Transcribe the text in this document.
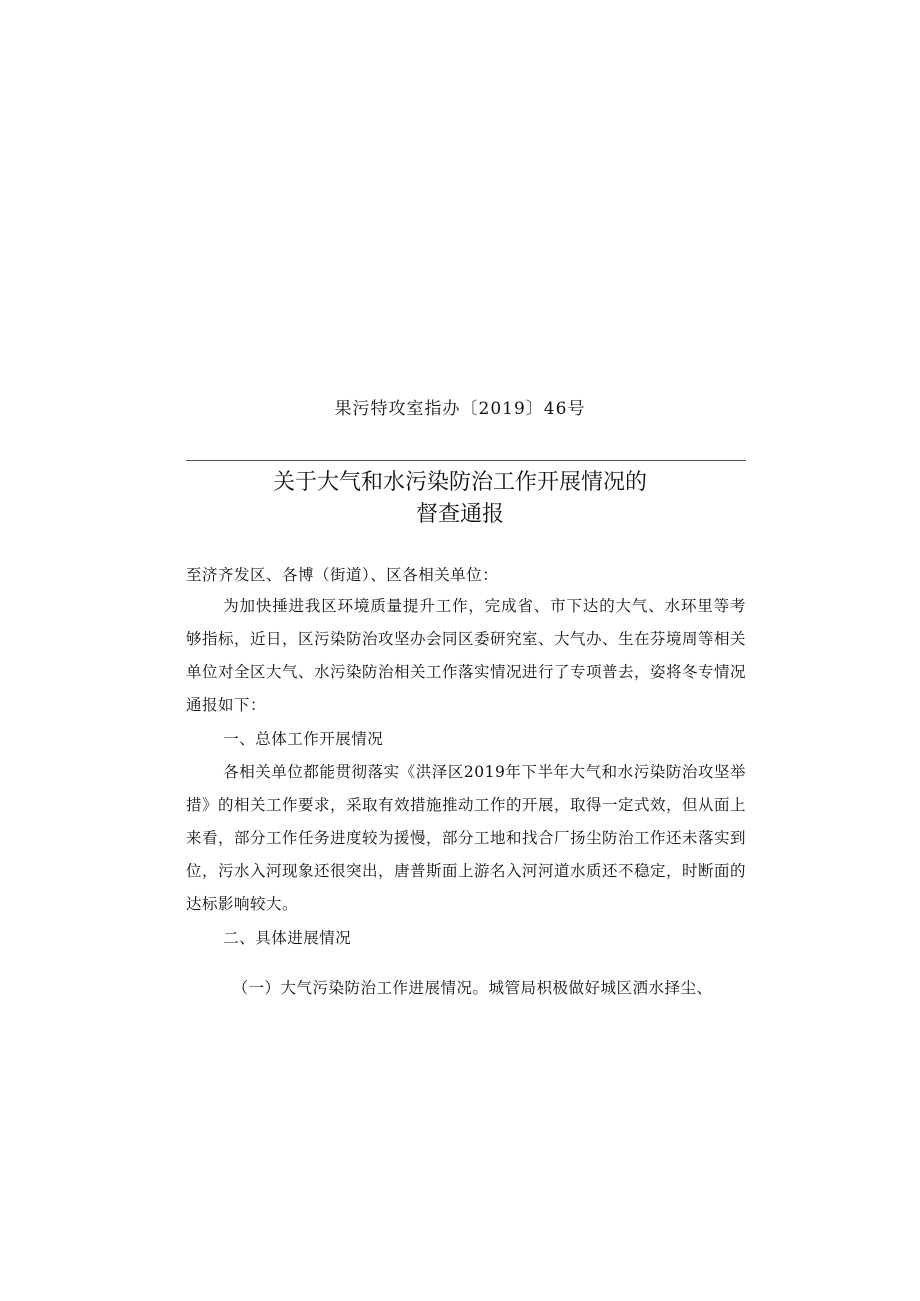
果污特攻室指办〔2019〕46号
关于大气和水污染防治工作开展情况的
督查通报

至济齐发区、各博（街道）、区各相关单位：

为加快捶进我区环境质量提升工作，完成省、市下达的大气、水环里等考够指标，近日，区污染防治攻坚办会同区委研究室、大气办、生在芬境周等相关单位对全区大气、水污染防治相关工作落实情况进行了专项普去，姿将冬专情况通报如下：

一、总体工作开展情况

各相关单位都能贯彻落实《洪泽区2019年下半年大气和水污染防治攻坚举措》的相关工作要求，采取有效措施推动工作的开展，取得一定式效，但从面上来看，部分工作任务进度较为援慢，部分工地和找合厂扬尘防治工作还未落实到位，污水入河现象还很突出，唐普斯面上游名入河河道水质还不稳定，时断面的达标影响较大。

二、具体进展情况

（一）大气污染防治工作进展情况。城管局枳极做好城区洒水择尘、
